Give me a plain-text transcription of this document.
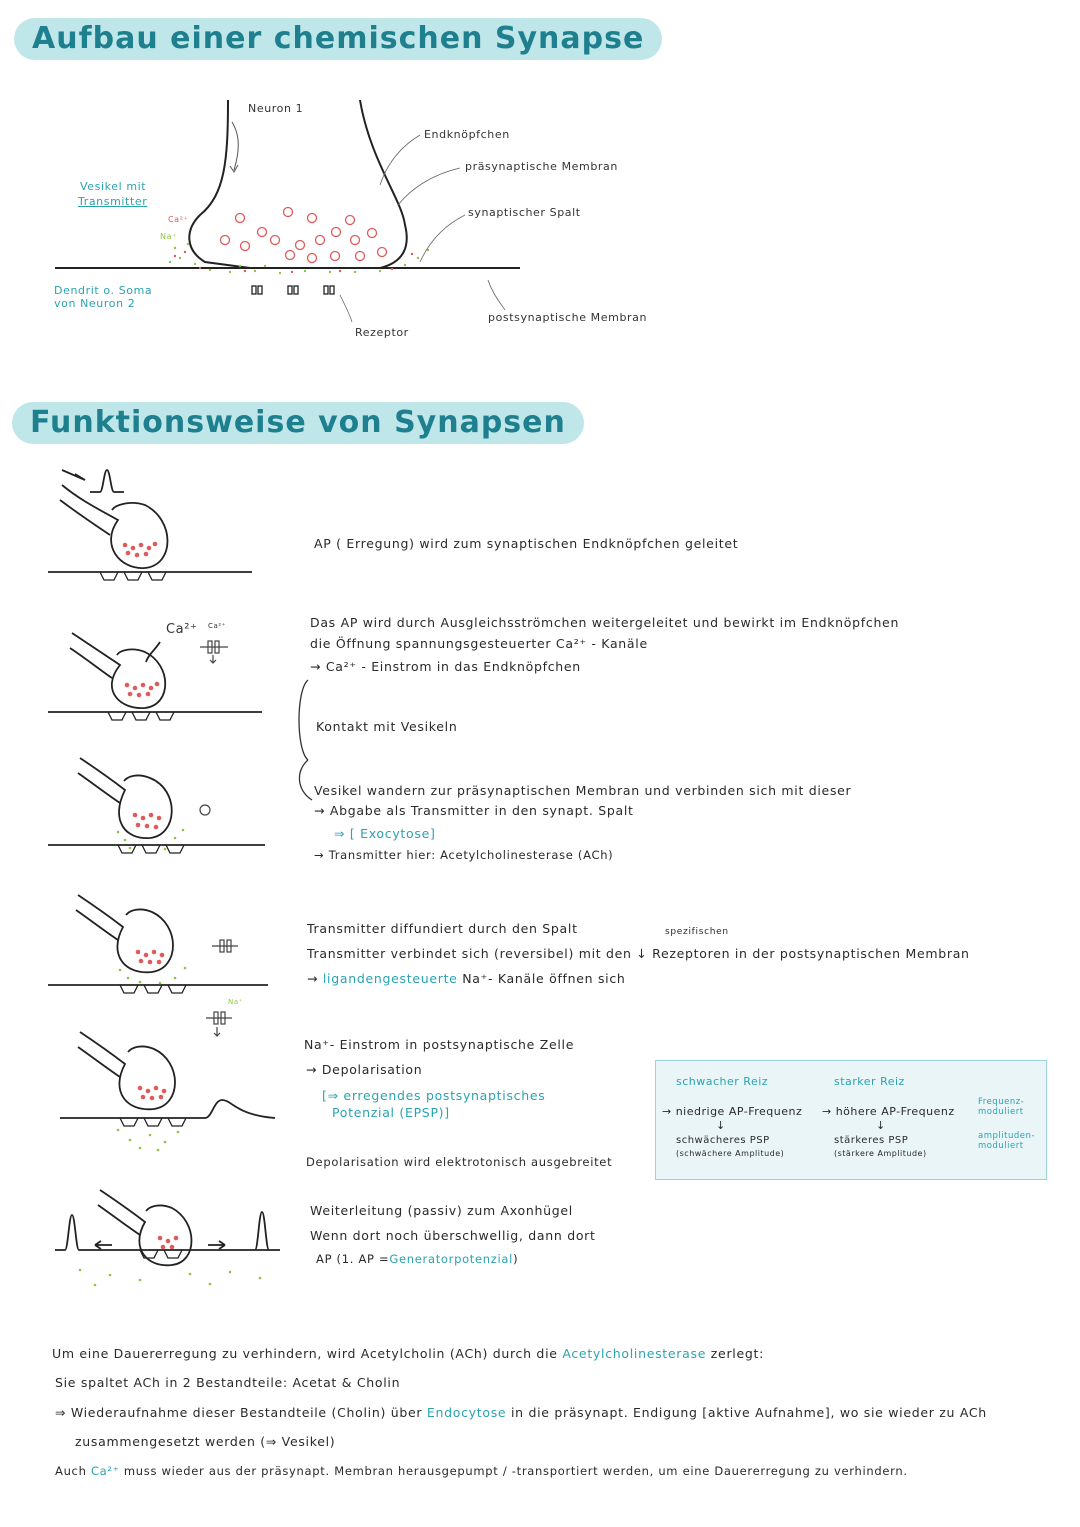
Aufbau einer chemischen Synapse
Funktionsweise von Synapsen
Neuron 1
Endknöpfchen
präsynaptische Membran
synaptischer Spalt
Vesikel mit
Transmitter
Ca²⁺
Na⁺
Dendrit o. Soma
von Neuron 2
Rezeptor
postsynaptische Membran
Ca²⁺ Ca²⁺
Na⁺
AP ( Erregung) wird zum synaptischen Endknöpfchen geleitet
Das AP wird durch Ausgleichsströmchen weitergeleitet und bewirkt im Endknöpfchen
die Öffnung spannungsgesteuerter Ca²⁺ - Kanäle
→ Ca²⁺ - Einstrom in das Endknöpfchen
Kontakt mit Vesikeln
Vesikel wandern zur präsynaptischen Membran und verbinden sich mit dieser
→ Abgabe als Transmitter in den synapt. Spalt
⇒ [ Exocytose]
→ Transmitter hier: Acetylcholinesterase (ACh)
Transmitter diffundiert durch den Spalt	spezifischen
Transmitter verbindet sich (reversibel) mit den ↓ Rezeptoren in der postsynaptischen Membran
→ ligandengesteuerte Na⁺- Kanäle öffnen sich
Na⁺- Einstrom in postsynaptische Zelle
→ Depolarisation
[⇒ erregendes postsynaptisches
Potenzial (EPSP)]
Depolarisation wird elektrotonisch ausgebreitet
Weiterleitung (passiv) zum Axonhügel
Wenn dort noch überschwellig, dann dort
AP (1. AP =Generatorpotenzial)
schwacher Reiz
→ niedrige AP-Frequenz
↓
schwächeres PSP
(schwächere Amplitude)
starker Reiz
→ höhere AP-Frequenz
↓
stärkeres PSP
(stärkere Amplitude)
Frequenz-
moduliert
amplituden-
moduliert
Um eine Dauererregung zu verhindern, wird Acetylcholin (ACh) durch die Acetylcholinesterase zerlegt:
Sie spaltet ACh in 2 Bestandteile: Acetat & Cholin
⇒ Wiederaufnahme dieser Bestandteile (Cholin) über Endocytose in die präsynapt. Endigung [aktive Aufnahme], wo sie wieder zu ACh
zusammengesetzt werden (⇒ Vesikel)
Auch Ca²⁺ muss wieder aus der präsynapt. Membran herausgepumpt / -transportiert werden, um eine Dauererregung zu verhindern.
